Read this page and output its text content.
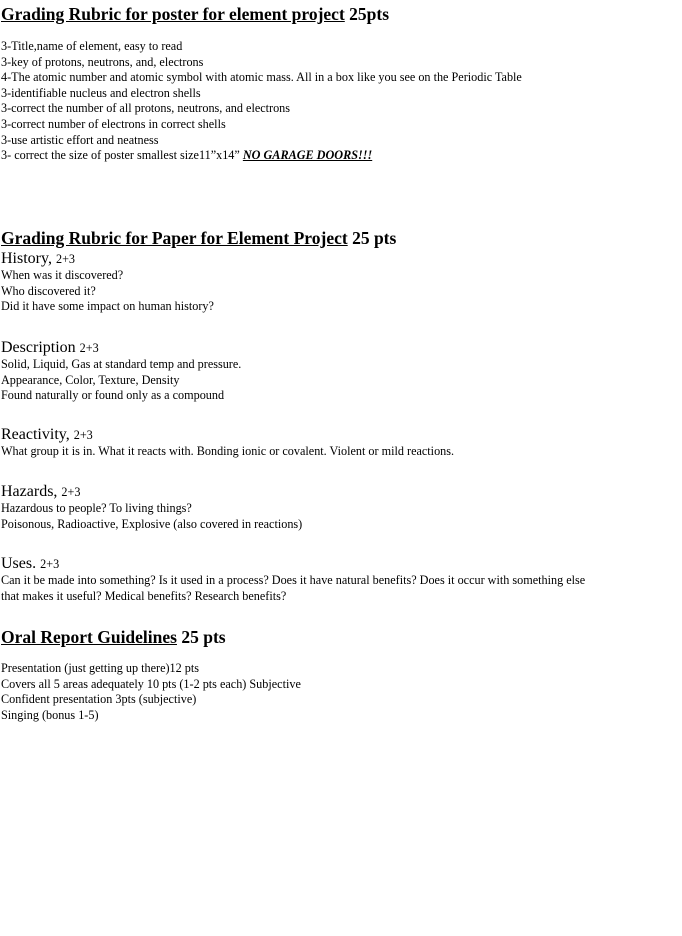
Grading Rubric for poster for element project 25pts

3-Title,name of element, easy to read

3-key of protons, neutrons, and, electrons

4-The atomic number and atomic symbol with atomic mass. All in a box like you see on the Periodic Table

3-identifiable nucleus and electron shells

3-correct the number of all protons, neutrons, and electrons

3-correct number of electrons in correct shells

3-use artistic effort and neatness

3- correct the size of poster smallest size11”x14” NO GARAGE DOORS!!!

Grading Rubric for Paper for Element Project 25 pts

History, 2+3

When was it discovered?

Who discovered it?

Did it have some impact on human history?

Description 2+3

Solid, Liquid, Gas at standard temp and pressure.

Appearance, Color, Texture, Density

Found naturally or found only as a compound

Reactivity, 2+3

What group it is in. What it reacts with. Bonding ionic or covalent. Violent or mild reactions.

Hazards, 2+3

Hazardous to people? To living things?

Poisonous, Radioactive, Explosive (also covered in reactions)

Uses. 2+3

Can it be made into something? Is it used in a process? Does it have natural benefits? Does it occur with something else that makes it useful? Medical benefits? Research benefits?

Oral Report Guidelines 25 pts

Presentation (just getting up there)12 pts

Covers all 5 areas adequately 10 pts (1-2 pts each) Subjective

Confident presentation 3pts (subjective)

Singing (bonus 1-5)
